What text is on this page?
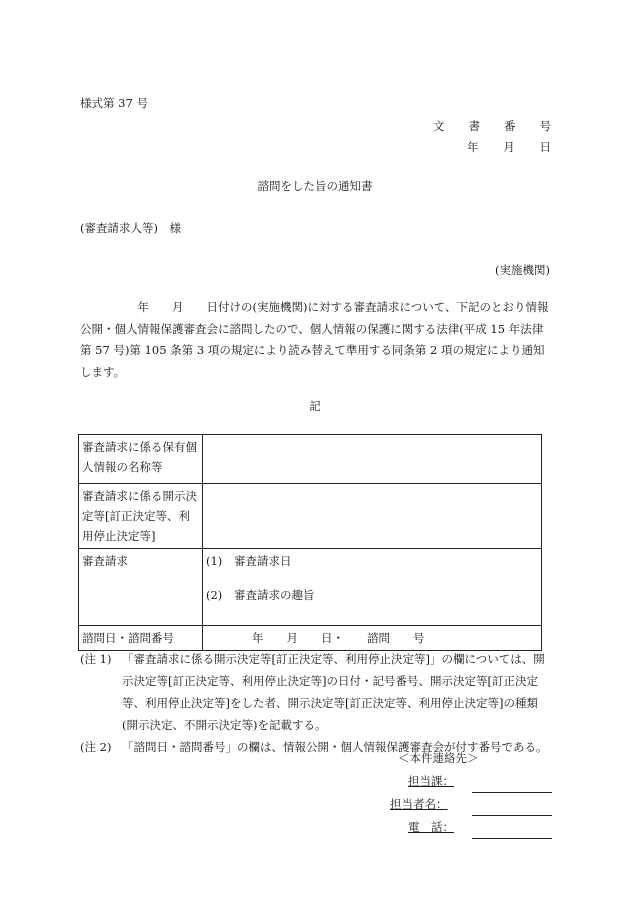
様式第 37 号
文 書 番 号
年 月 日
諮問をした旨の通知書
(審査請求人等)　様
(実施機関)
　　　　　年　　月　　日付けの(実施機関)に対する審査請求について、下記のとおり情報公開・個人情報保護審査会に諮問したので、個人情報の保護に関する法律(平成 15 年法律第 57 号)第 105 条第 3 項の規定により読み替えて準用する同条第 2 項の規定により通知します。
記
審査請求に係る保有個人情報の名称等	
審査請求に係る開示決定等[訂正決定等、利用停止決定等]	
審査請求	(1) 審査請求日
(2) 審査請求の趣旨

諮問日・諮問番号	　　　　年　　月　　日・　　諮問　　号
(注 1) 「審査請求に係る開示決定等[訂正決定等、利用停止決定等]」の欄については、開示決定等[訂正決定等、利用停止決定等]の日付・記号番号、開示決定等[訂正決定等、利用停止決定等]をした者、開示決定等[訂正決定等、利用停止決定等]の種類(開示決定、不開示決定等)を記載する。
(注 2) 「諮問日・諮問番号」の欄は、情報公開・個人情報保護審査会が付す番号である。
＜本件連絡先＞
担当課：
担当者名：
電　話：
